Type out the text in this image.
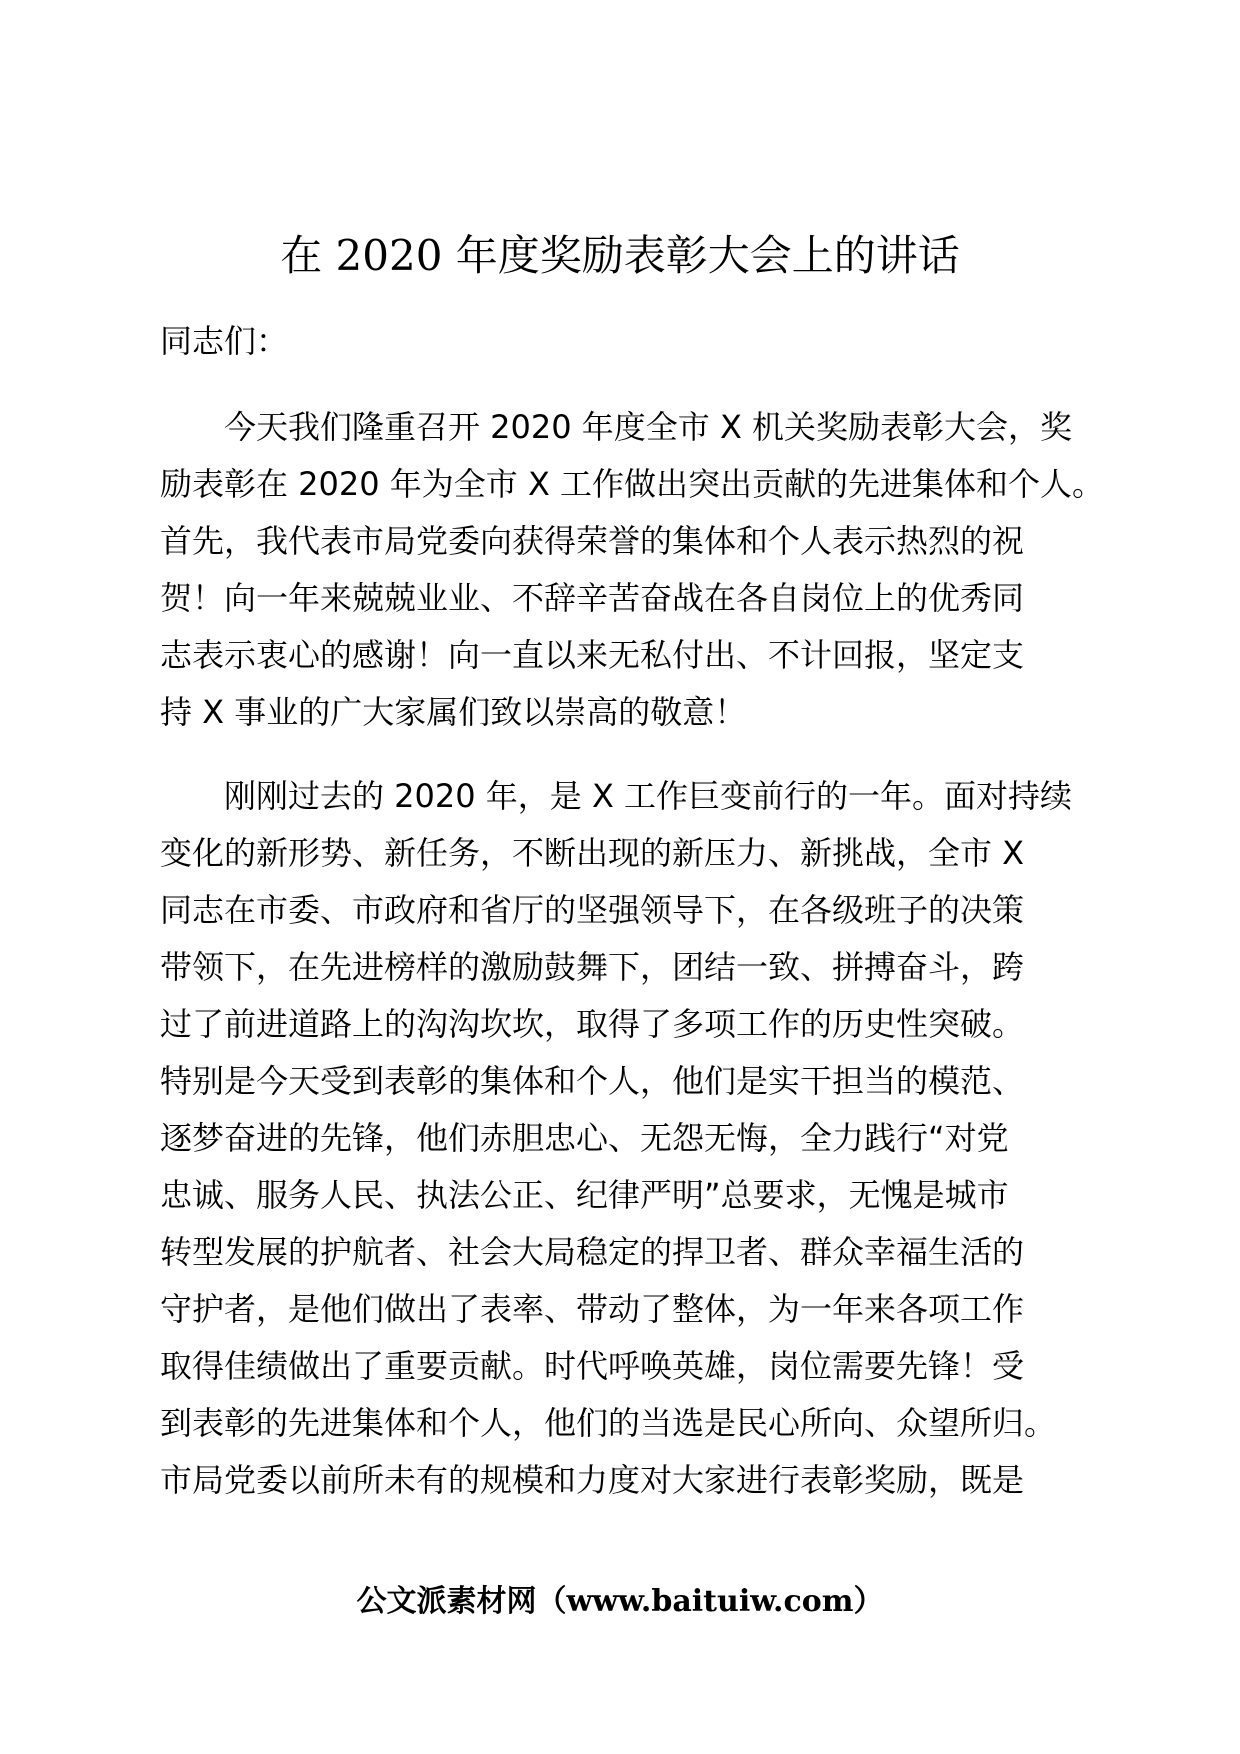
在 2020 年度奖励表彰大会上的讲话

同志们：

今天我们隆重召开 2020 年度全市 X 机关奖励表彰大会，奖
励表彰在 2020 年为全市 X 工作做出突出贡献的先进集体和个人。
首先，我代表市局党委向获得荣誉的集体和个人表示热烈的祝
贺！向一年来兢兢业业、不辞辛苦奋战在各自岗位上的优秀同
志表示衷心的感谢！向一直以来无私付出、不计回报，坚定支
持 X 事业的广大家属们致以崇高的敬意！
刚刚过去的 2020 年，是 X 工作巨变前行的一年。面对持续
变化的新形势、新任务，不断出现的新压力、新挑战，全市 X
同志在市委、市政府和省厅的坚强领导下，在各级班子的决策
带领下，在先进榜样的激励鼓舞下，团结一致、拼搏奋斗，跨
过了前进道路上的沟沟坎坎，取得了多项工作的历史性突破。
特别是今天受到表彰的集体和个人，他们是实干担当的模范、
逐梦奋进的先锋，他们赤胆忠心、无怨无悔，全力践行“对党
忠诚、服务人民、执法公正、纪律严明”总要求，无愧是城市
转型发展的护航者、社会大局稳定的捍卫者、群众幸福生活的
守护者，是他们做出了表率、带动了整体，为一年来各项工作
取得佳绩做出了重要贡献。时代呼唤英雄，岗位需要先锋！受
到表彰的先进集体和个人，他们的当选是民心所向、众望所归。
市局党委以前所未有的规模和力度对大家进行表彰奖励，既是
公文派素材网（www.baituiw.com）
